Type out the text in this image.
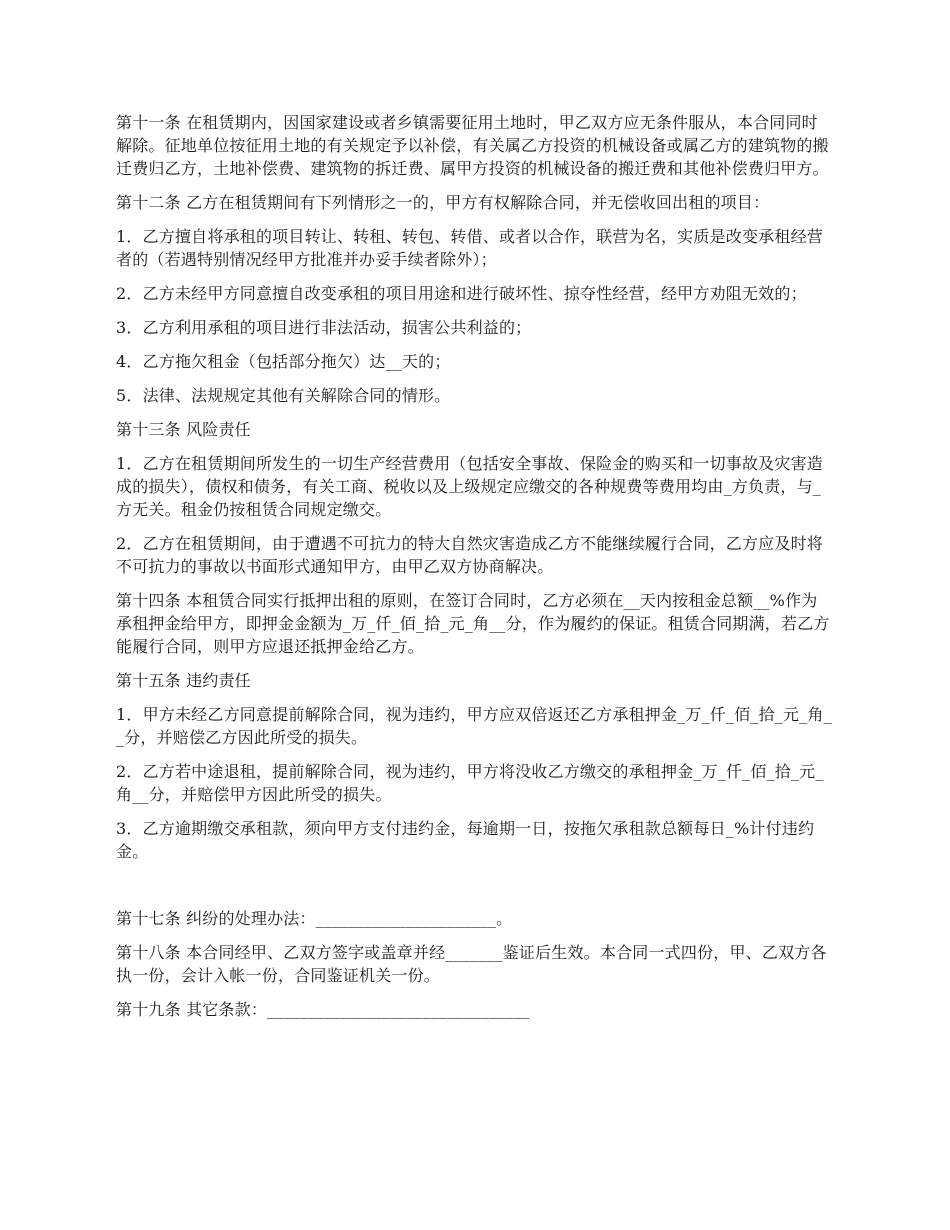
第十一条 在租赁期内，因国家建设或者乡镇需要征用土地时，甲乙双方应无条件服从，本合同同时解除。征地单位按征用土地的有关规定予以补偿，有关属乙方投资的机械设备或属乙方的建筑物的搬迁费归乙方，土地补偿费、建筑物的拆迁费、属甲方投资的机械设备的搬迁费和其他补偿费归甲方。

第十二条 乙方在租赁期间有下列情形之一的，甲方有权解除合同，并无偿收回出租的项目：

1．乙方擅自将承租的项目转让、转租、转包、转借、或者以合作，联营为名，实质是改变承租经营者的（若遇特别情况经甲方批准并办妥手续者除外）；

2．乙方未经甲方同意擅自改变承租的项目用途和进行破坏性、掠夺性经营，经甲方劝阻无效的；

3．乙方利用承租的项目进行非法活动，损害公共利益的；

4．乙方拖欠租金（包括部分拖欠）达__天的；

5．法律、法规规定其他有关解除合同的情形。

第十三条 风险责任

1．乙方在租赁期间所发生的一切生产经营费用（包括安全事故、保险金的购买和一切事故及灾害造成的损失），债权和债务，有关工商、税收以及上级规定应缴交的各种规费等费用均由_方负责，与_方无关。租金仍按租赁合同规定缴交。

2．乙方在租赁期间，由于遭遇不可抗力的特大自然灾害造成乙方不能继续履行合同，乙方应及时将不可抗力的事故以书面形式通知甲方，由甲乙双方协商解决。

第十四条 本租赁合同实行抵押出租的原则，在签订合同时，乙方必须在__天内按租金总额__%作为承租押金给甲方，即押金金额为_万_仟_佰_拾_元_角__分，作为履约的保证。租赁合同期满，若乙方能履行合同，则甲方应退还抵押金给乙方。

第十五条 违约责任

1．甲方未经乙方同意提前解除合同，视为违约，甲方应双倍返还乙方承租押金_万_仟_佰_拾_元_角__分，并赔偿乙方因此所受的损失。

2．乙方若中途退租，提前解除合同，视为违约，甲方将没收乙方缴交的承租押金_万_仟_佰_拾_元_角__分，并赔偿甲方因此所受的损失。

3．乙方逾期缴交承租款，须向甲方支付违约金，每逾期一日，按拖欠承租款总额每日_%计付违约金。

第十七条 纠纷的处理办法：______________________。

第十八条 本合同经甲、乙双方签字或盖章并经_______鉴证后生效。本合同一式四份，甲、乙双方各执一份，会计入帐一份，合同鉴证机关一份。

第十九条 其它条款：________________________________
